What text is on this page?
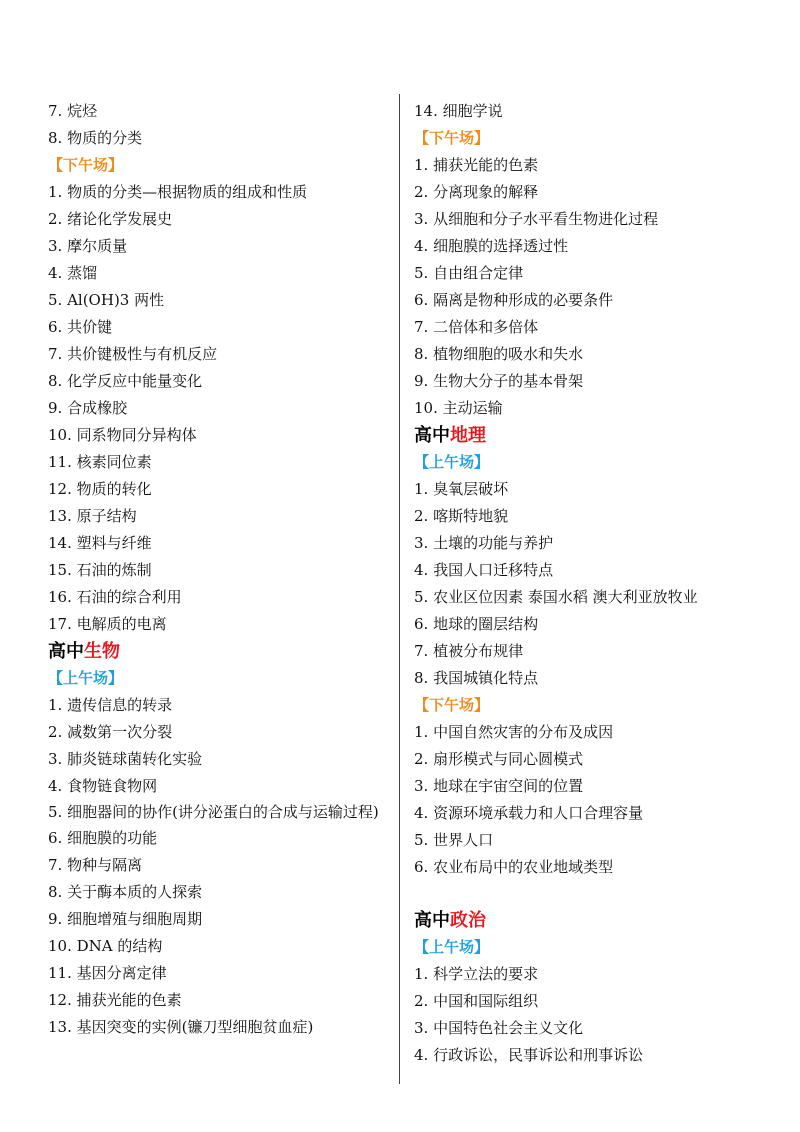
7. 烷烃
8. 物质的分类
【下午场】
1. 物质的分类—根据物质的组成和性质
2. 绪论化学发展史
3. 摩尔质量
4. 蒸馏
5. Al(OH)3 两性
6. 共价键
7. 共价键极性与有机反应
8. 化学反应中能量变化
9. 合成橡胶
10. 同系物同分异构体
11. 核素同位素
12. 物质的转化
13. 原子结构
14. 塑料与纤维
15. 石油的炼制
16. 石油的综合利用
17. 电解质的电离
高中生物
【上午场】
1. 遗传信息的转录
2. 减数第一次分裂
3. 肺炎链球菌转化实验
4. 食物链食物网
5. 细胞器间的协作(讲分泌蛋白的合成与运输过程)
6. 细胞膜的功能
7. 物种与隔离
8. 关于酶本质的人探索
9. 细胞增殖与细胞周期
10. DNA 的结构
11. 基因分离定律
12. 捕获光能的色素
13. 基因突变的实例(镰刀型细胞贫血症)
14. 细胞学说
【下午场】
1. 捕获光能的色素
2. 分离现象的解释
3. 从细胞和分子水平看生物进化过程
4. 细胞膜的选择透过性
5. 自由组合定律
6. 隔离是物种形成的必要条件
7. 二倍体和多倍体
8. 植物细胞的吸水和失水
9. 生物大分子的基本骨架
10. 主动运输
高中地理
【上午场】
1. 臭氧层破坏
2. 喀斯特地貌
3. 土壤的功能与养护
4. 我国人口迁移特点
5. 农业区位因素 泰国水稻 澳大利亚放牧业
6. 地球的圈层结构
7. 植被分布规律
8. 我国城镇化特点
【下午场】
1. 中国自然灾害的分布及成因
2. 扇形模式与同心圆模式
3. 地球在宇宙空间的位置
4. 资源环境承载力和人口合理容量
5. 世界人口
6. 农业布局中的农业地域类型
高中政治
【上午场】
1. 科学立法的要求
2. 中国和国际组织
3. 中国特色社会主义文化
4. 行政诉讼，民事诉讼和刑事诉讼
